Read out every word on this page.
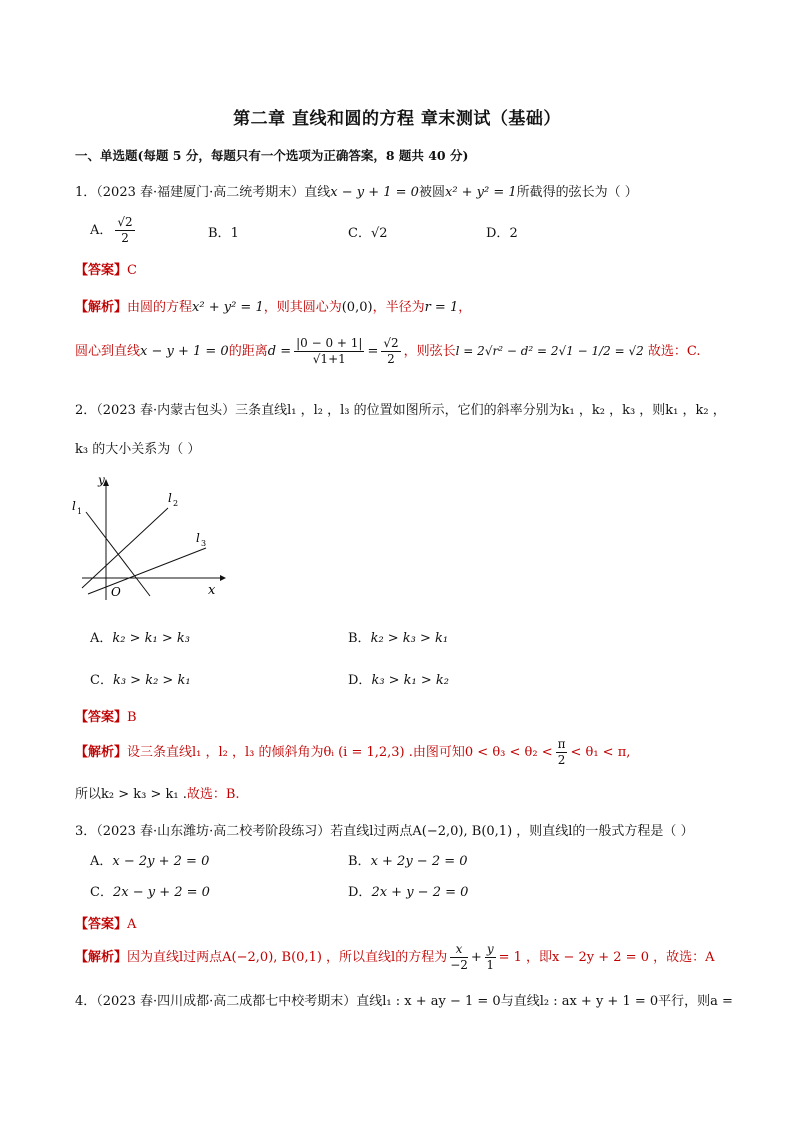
第二章 直线和圆的方程 章末测试（基础）
一、单选题(每题 5 分，每题只有一个选项为正确答案，8 题共 40 分)
1．（2023 春·福建厦门·高二统考期末）直线x − y + 1 = 0被圆x² + y² = 1所截得的弦长为（ ）
A． $\frac{√2}{2}$	B．1	C．√2	D．2
【答案】C
【解析】由圆的方程x² + y² = 1，则其圆心为(0,0)，半径为r = 1，
圆心到直线x − y + 1 = 0的距离$d = \frac{|0 - 0 + 1|}{√1+1} = \frac{√2}{2}$ ，则弦长l = 2√r² − d² = 2√1 − 1/2 = √2 故选：C.
2．（2023 春·内蒙古包头）三条直线l₁ ，l₂ ，l₃ 的位置如图所示，它们的斜率分别为k₁ ，k₂ ，k₃ ，则k₁ ，k₂ ，
k₃ 的大小关系为（ ）
y
x
O
l 1
l 2
l 3
A．k₂ > k₁ > k₃	B．k₂ > k₃ > k₁
C．k₃ > k₂ > k₁	D．k₃ > k₁ > k₂
【答案】B
【解析】设三条直线l₁ ，l₂ ，l₃ 的倾斜角为θᵢ (i = 1,2,3) .由图可知$0 < \theta_3 < \theta_2 < \frac{\pi}{2} < \theta_1 < \pi$,
所以k₂ > k₃ > k₁ .故选：B.
3．（2023 春·山东潍坊·高二校考阶段练习）若直线l过两点A(−2,0), B(0,1) ，则直线l的一般式方程是（ ）
A．x − 2y + 2 = 0	B．x + 2y − 2 = 0
C．2x − y + 2 = 0	D．2x + y − 2 = 0
【答案】A
【解析】因为直线l过两点A(−2,0), B(0,1) ，所以直线l的方程为 $\frac{x}{-2} + \frac{y}{1} = 1$ ，即x − 2y + 2 = 0 ，故选：A
4．（2023 春·四川成都·高二成都七中校考期末）直线l₁ : x + ay − 1 = 0与直线l₂ : ax + y + 1 = 0平行，则a =
